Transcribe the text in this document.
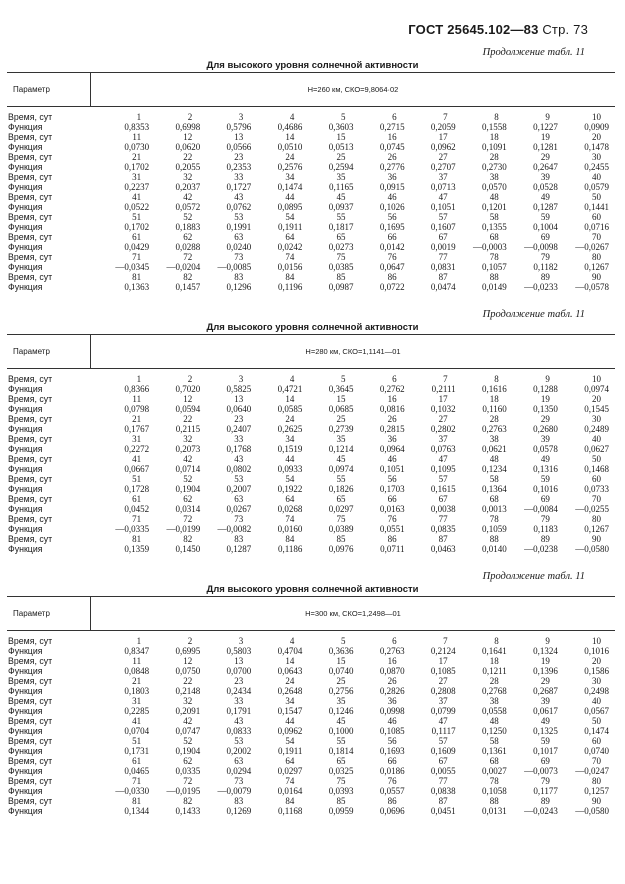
ГОСТ 25645.102—83 Стр. 73
Продолжение табл. 11
Для высокого уровня солнечной активности
Параметр	H=260 км, СКО=9,8064·02
Время, сут	1	2	3	4	5	6	7	8	9	10
Функция	0,8353	0,6998	0,5796	0,4686	0,3603	0,2715	0,2059	0,1558	0,1227	0,0909
Время, сут	11	12	13	14	15	16	17	18	19	20
Функция	0,0730	0,0620	0,0566	0,0510	0,0513	0,0745	0,0962	0,1091	0,1281	0,1478
Время, сут	21	22	23	24	25	26	27	28	29	30
Функция	0,1702	0,2055	0,2353	0,2576	0,2594	0,2776	0,2707	0,2730	0,2647	0,2455
Время, сут	31	32	33	34	35	36	37	38	39	40
Функция	0,2237	0,2037	0,1727	0,1474	0,1165	0,0915	0,0713	0,0570	0,0528	0,0579
Время, сут	41	42	43	44	45	46	47	48	49	50
Функция	0,0522	0,0572	0,0762	0,0895	0,0937	0,1026	0,1051	0,1201	0,1287	0,1441
Время, сут	51	52	53	54	55	56	57	58	59	60
Функция	0,1702	0,1883	0,1991	0,1911	0,1817	0,1695	0,1607	0,1355	0,1004	0,0716
Время, сут	61	62	63	64	65	66	67	68	69	70
Функция	0,0429	0,0288	0,0240	0,0242	0,0273	0,0142	0,0019	—0,0003	—0,0098	—0,0267
Время, сут	71	72	73	74	75	76	77	78	79	80
Функция	—0,0345	—0,0204	—0,0085	0,0156	0,0385	0,0647	0,0831	0,1057	0,1182	0,1267
Время, сут	81	82	83	84	85	86	87	88	89	90
Функция	0,1363	0,1457	0,1296	0,1196	0,0987	0,0722	0,0474	0,0149	—0,0233	—0,0578
Продолжение табл. 11
Для высокого уровня солнечной активности
Параметр	H=280 км, СКО=1,1141—01
Время, сут	1	2	3	4	5	6	7	8	9	10
Функция	0,8366	0,7020	0,5825	0,4721	0,3645	0,2762	0,2111	0,1616	0,1288	0,0974
Время, сут	11	12	13	14	15	16	17	18	19	20
Функция	0,0798	0,0594	0,0640	0,0585	0,0685	0,0816	0,1032	0,1160	0,1350	0,1545
Время, сут	21	22	23	24	25	26	27	28	29	30
Функция	0,1767	0,2115	0,2407	0,2625	0,2739	0,2815	0,2802	0,2763	0,2680	0,2489
Время, сут	31	32	33	34	35	36	37	38	39	40
Функция	0,2272	0,2073	0,1768	0,1519	0,1214	0,0964	0,0763	0,0621	0,0578	0,0627
Время, сут	41	42	43	44	45	46	47	48	49	50
Функция	0,0667	0,0714	0,0802	0,0933	0,0974	0,1051	0,1095	0,1234	0,1316	0,1468
Время, сут	51	52	53	54	55	56	57	58	59	60
Функция	0,1728	0,1904	0,2007	0,1922	0,1826	0,1703	0,1615	0,1364	0,1016	0,0733
Время, сут	61	62	63	64	65	66	67	68	69	70
Функция	0,0452	0,0314	0,0267	0,0268	0,0297	0,0163	0,0038	0,0013	—0,0084	—0,0255
Время, сут	71	72	73	74	75	76	77	78	79	80
Функция	—0,0335	—0,0199	—0,0082	0,0160	0,0389	0,0551	0,0835	0,1059	0,1183	0,1267
Время, сут	81	82	83	84	85	86	87	88	89	90
Функция	0,1359	0,1450	0,1287	0,1186	0,0976	0,0711	0,0463	0,0140	—0,0238	—0,0580
Продолжение табл. 11
Для высокого уровня солнечной активности
Параметр	H=300 км, СКО=1,2498—01
Время, сут	1	2	3	4	5	6	7	8	9	10
Функция	0,8347	0,6995	0,5803	0,4704	0,3636	0,2763	0,2124	0,1641	0,1324	0,1016
Время, сут	11	12	13	14	15	16	17	18	19	20
Функция	0,0848	0,0750	0,0700	0,0643	0,0740	0,0870	0,1085	0,1211	0,1396	0,1586
Время, сут	21	22	23	24	25	26	27	28	29	30
Функция	0,1803	0,2148	0,2434	0,2648	0,2756	0,2826	0,2808	0,2768	0,2687	0,2498
Время, сут	31	32	33	34	35	36	37	38	39	40
Функция	0,2285	0,2091	0,1791	0,1547	0,1246	0,0998	0,0799	0,0558	0,0617	0,0567
Время, сут	41	42	43	44	45	46	47	48	49	50
Функция	0,0704	0,0747	0,0833	0,0962	0,1000	0,1085	0,1117	0,1250	0,1325	0,1474
Время, сут	51	52	53	54	55	56	57	58	59	60
Функция	0,1731	0,1904	0,2002	0,1911	0,1814	0,1693	0,1609	0,1361	0,1017	0,0740
Время, сут	61	62	63	64	65	66	67	68	69	70
Функция	0,0465	0,0335	0,0294	0,0297	0,0325	0,0186	0,0055	0,0027	—0,0073	—0,0247
Время, сут	71	72	73	74	75	76	77	78	79	80
Функция	—0,0330	—0,0195	—0,0079	0,0164	0,0393	0,0557	0,0838	0,1058	0,1177	0,1257
Время, сут	81	82	83	84	85	86	87	88	89	90
Функция	0,1344	0,1433	0,1269	0,1168	0,0959	0,0696	0,0451	0,0131	—0,0243	—0,0580
